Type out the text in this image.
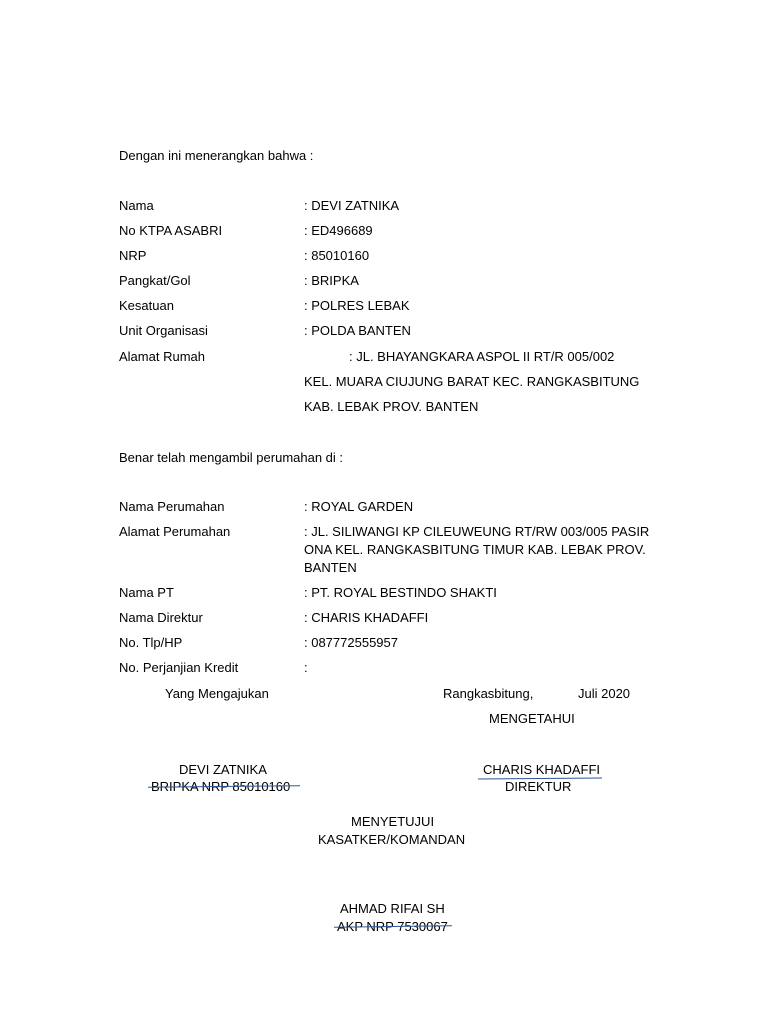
Dengan ini menerangkan bahwa :
Nama	: DEVI ZATNIKA
No KTPA ASABRI	: ED496689
NRP	: 85010160
Pangkat/Gol	: BRIPKA
Kesatuan	: POLRES LEBAK
Unit Organisasi	: POLDA BANTEN
Alamat Rumah	: JL. BHAYANGKARA ASPOL II RT/R 005/002
KEL. MUARA CIUJUNG BARAT KEC. RANGKASBITUNG
KAB. LEBAK PROV. BANTEN
Benar telah mengambil perumahan di :
Nama Perumahan	: ROYAL GARDEN
Alamat Perumahan	: JL. SILIWANGI KP CILEUWEUNG RT/RW 003/005 PASIR ONA KEL. RANGKASBITUNG TIMUR KAB. LEBAK PROV. BANTEN
Nama PT	: PT. ROYAL BESTINDO SHAKTI
Nama Direktur	: CHARIS KHADAFFI
No. Tlp/HP	: 087772555957
No. Perjanjian Kredit	:
Yang Mengajukan	Rangkasbitung,	Juli 2020
MENGETAHUI
DEVI ZATNIKA
BRIPKA NRP 85010160
CHARIS KHADAFFI
DIREKTUR
MENYETUJUI
KASATKER/KOMANDAN
AHMAD RIFAI SH
AKP NRP 7530067
